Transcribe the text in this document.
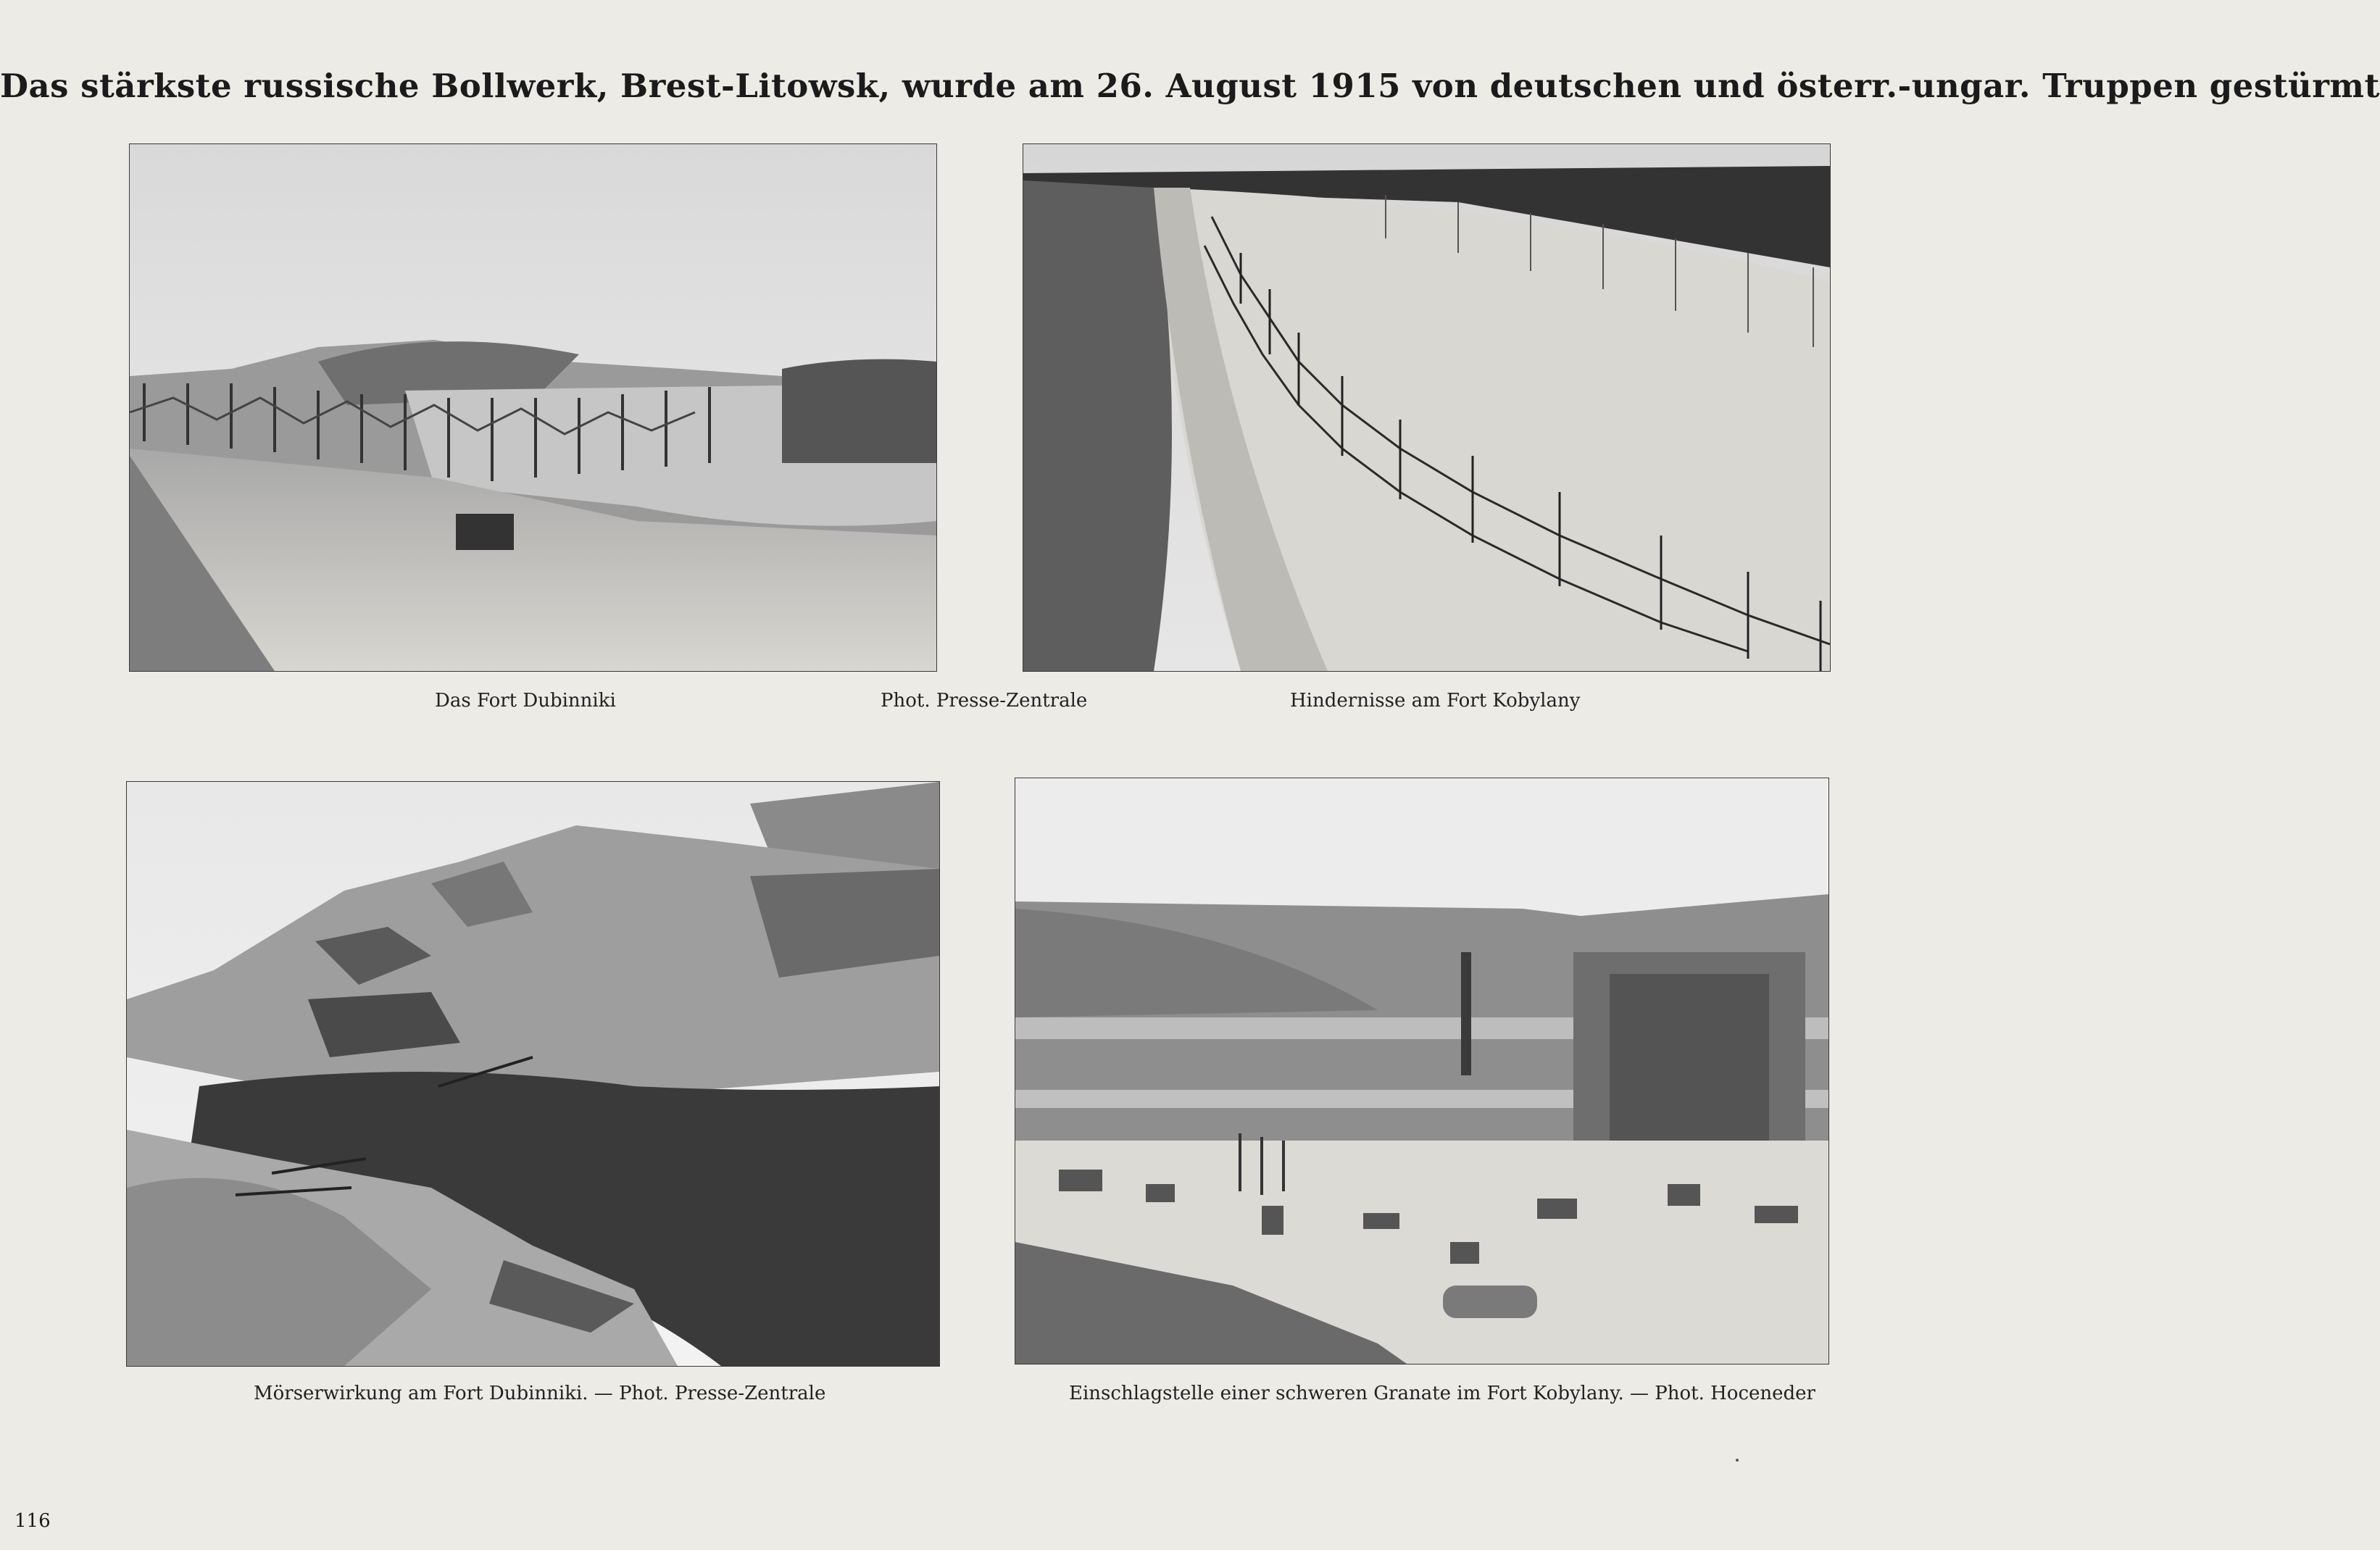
Das stärkste russische Bollwerk, Brest-Litowsk, wurde am 26. August 1915 von deutschen und österr.-ungar. Truppen gestürmt
Das Fort Dubinniki	Phot. Presse-Zentrale	Hindernisse am Fort Kobylany
Mörserwirkung am Fort Dubinniki. — Phot. Presse-Zentrale	Einschlagstelle einer schweren Granate im Fort Kobylany. — Phot. Hoceneder
116
